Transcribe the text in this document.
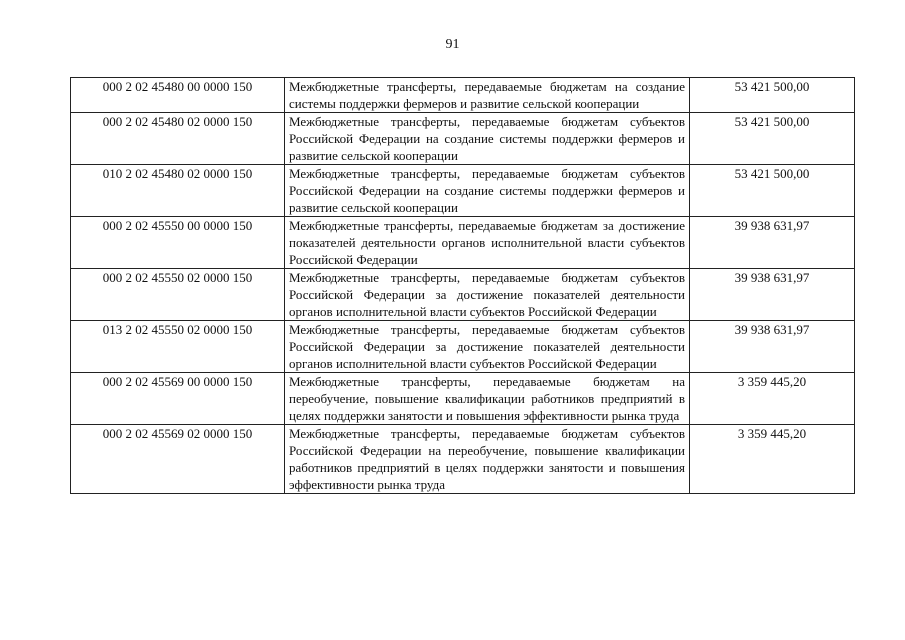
91
000 2 02 45480 00 0000 150	Межбюджетные трансферты, передаваемые бюджетам на создание системы поддержки фермеров и развитие сельской кооперации	53 421 500,00
000 2 02 45480 02 0000 150	Межбюджетные трансферты, передаваемые бюджетам субъектов Российской Федерации на создание системы поддержки фермеров и развитие сельской кооперации	53 421 500,00
010 2 02 45480 02 0000 150	Межбюджетные трансферты, передаваемые бюджетам субъектов Российской Федерации на создание системы поддержки фермеров и развитие сельской кооперации	53 421 500,00
000 2 02 45550 00 0000 150	Межбюджетные трансферты, передаваемые бюджетам за достижение показателей деятельности органов исполнительной власти субъектов Российской Федерации	39 938 631,97
000 2 02 45550 02 0000 150	Межбюджетные трансферты, передаваемые бюджетам субъектов Российской Федерации за достижение показателей деятельности органов исполнительной власти субъектов Российской Федерации	39 938 631,97
013 2 02 45550 02 0000 150	Межбюджетные трансферты, передаваемые бюджетам субъектов Российской Федерации за достижение показателей деятельности органов исполнительной власти субъектов Российской Федерации	39 938 631,97
000 2 02 45569 00 0000 150	Межбюджетные трансферты, передаваемые бюджетам на переобучение, повышение квалификации работников предприятий в целях поддержки занятости и повышения эффективности рынка труда	3 359 445,20
000 2 02 45569 02 0000 150	Межбюджетные трансферты, передаваемые бюджетам субъектов Российской Федерации на переобучение, повышение квалификации работников предприятий в целях поддержки занятости и повышения эффективности рынка труда	3 359 445,20
